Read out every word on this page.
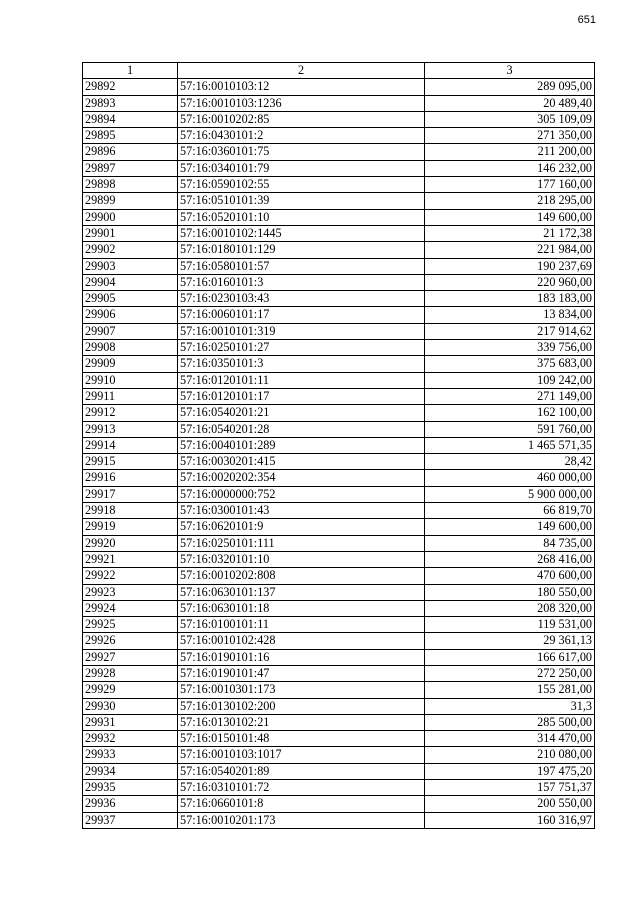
651
1	2	3
29892	57:16:0010103:12	289 095,00
29893	57:16:0010103:1236	20 489,40
29894	57:16:0010202:85	305 109,09
29895	57:16:0430101:2	271 350,00
29896	57:16:0360101:75	211 200,00
29897	57:16:0340101:79	146 232,00
29898	57:16:0590102:55	177 160,00
29899	57:16:0510101:39	218 295,00
29900	57:16:0520101:10	149 600,00
29901	57:16:0010102:1445	21 172,38
29902	57:16:0180101:129	221 984,00
29903	57:16:0580101:57	190 237,69
29904	57:16:0160101:3	220 960,00
29905	57:16:0230103:43	183 183,00
29906	57:16:0060101:17	13 834,00
29907	57:16:0010101:319	217 914,62
29908	57:16:0250101:27	339 756,00
29909	57:16:0350101:3	375 683,00
29910	57:16:0120101:11	109 242,00
29911	57:16:0120101:17	271 149,00
29912	57:16:0540201:21	162 100,00
29913	57:16:0540201:28	591 760,00
29914	57:16:0040101:289	1 465 571,35
29915	57:16:0030201:415	28,42
29916	57:16:0020202:354	460 000,00
29917	57:16:0000000:752	5 900 000,00
29918	57:16:0300101:43	66 819,70
29919	57:16:0620101:9	149 600,00
29920	57:16:0250101:111	84 735,00
29921	57:16:0320101:10	268 416,00
29922	57:16:0010202:808	470 600,00
29923	57:16:0630101:137	180 550,00
29924	57:16:0630101:18	208 320,00
29925	57:16:0100101:11	119 531,00
29926	57:16:0010102:428	29 361,13
29927	57:16:0190101:16	166 617,00
29928	57:16:0190101:47	272 250,00
29929	57:16:0010301:173	155 281,00
29930	57:16:0130102:200	31,3
29931	57:16:0130102:21	285 500,00
29932	57:16:0150101:48	314 470,00
29933	57:16:0010103:1017	210 080,00
29934	57:16:0540201:89	197 475,20
29935	57:16:0310101:72	157 751,37
29936	57:16:0660101:8	200 550,00
29937	57:16:0010201:173	160 316,97
